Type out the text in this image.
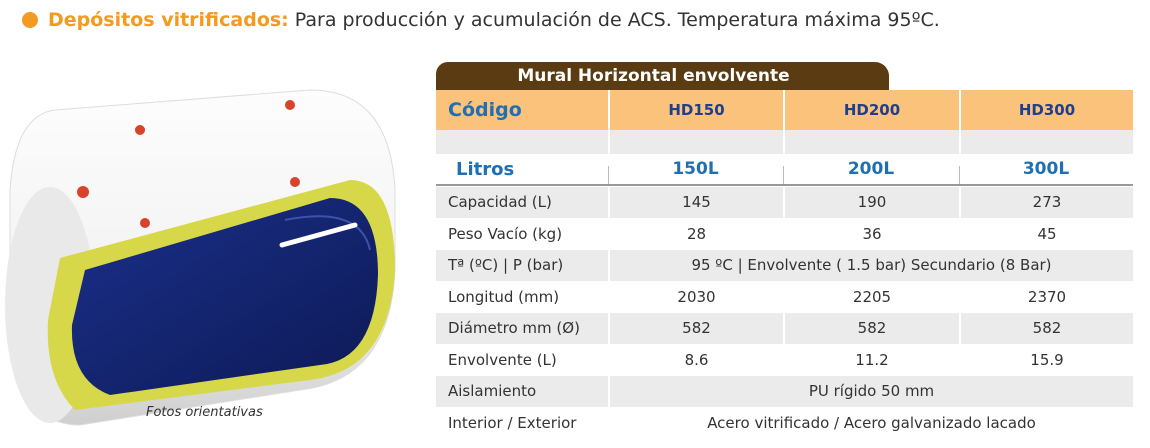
Depósitos vitrificados: Para producción y acumulación de ACS. Temperatura máxima 95ºC.
Fotos orientativas
Mural Horizontal envolvente
Código	HD150	HD200	HD300
Litros	150L	200L	300L
Capacidad (L)	145	190	273
Peso Vacío (kg)	28	36	45
Tª (ºC) | P (bar)	95 ºC | Envolvente ( 1.5 bar) Secundario (8 Bar)
Longitud (mm)	2030	2205	2370
Diámetro mm (Ø)	582	582	582
Envolvente (L)	8.6	11.2	15.9
Aislamiento	PU rígido 50 mm
Interior / Exterior	Acero vitrificado / Acero galvanizado lacado
